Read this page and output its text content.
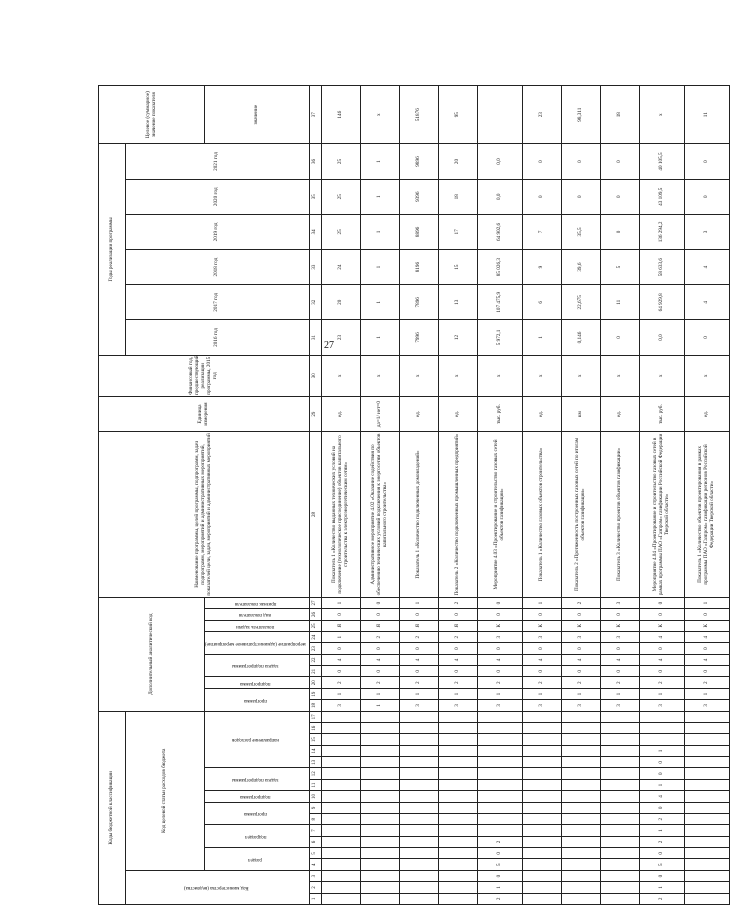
27
Коды бюджетной классификации																	Дополнительный аналитический код										Наименование программы, целей программы, подпрограмм, задач подпрограмм, мероприятий и административных мероприятий, показателей цели, задач, мероприятий и административных мероприятий	Единица измерения	Финансовый год, предшествующий реализации программы, 2015 год	Годы реализации программы						Целевое (суммарное) значение показателя
Код министерства (ведомства)			Код целевой статьи расходов бюджета																											2016 год	2017 год	2018 год	2019 год	2020 год	2021 год	
			раздел		подраздел		программа		подпрограмма	задача подпрограммы		направление расходов					программа		подпрограмма	задача подпрограммы		мероприятие (административное мероприятие)		показатель задачи	вид показателя	признак показателя										значение
1	2	3	4	5	6	7	8	9	10	11	12	13	14	15	16	17	18	19	20	21	22	23	24	25	26	27	28	29	30	31	32	33	34	35	36	37
																	3	1	2	0	4	0	1	Я	0	1	Показатель 1 «Количество выданных технических условий на подключение (технологическое присоединение) объектов капитального строительства к электроэнергетическим сетям»	ед.	х	23	20	24	25	25	25	146
																	1	1	2	0	4	0	2	Я	0	0	Административное мероприятие 4.02 «Оказание содействия по обеспечению технических условий подключения к энергосетям объектов капитального строительства»	да=1/ нет=0	х	1	1	1	1	1	1	х
																	3	1	2	0	4	0	2	Я	0	1	Показатель 1 «Количество подключенных домовладений»	ед.	х	7996	7896	8196	8896	9396	9896	51876
																	3	1	2	0	4	0	2	Я	0	2	Показатель 2 «Количество подключенных промышленных предприятий»	ед.	х	12	13	15	17	18	20	95
2	1	0	5	0	2												3	1	2	0	4	0	3	К	0	0	Мероприятие 4.03 «Проектирование и строительство газовых сетей объектов газификации»	тыс. руб.	х	5 972,1	107 475,9	85 026,3	64 902,6	0,0	0,0	
																	3	1	2	0	4	0	3	К	0	1	Показатель 1 «Количество газовых объектов строительства»	ед.	х	1	6	9	7	0	0	23
																	3	1	2	0	4	0	3	К	0	2	Показатель 2 «Протяженность построенных газовых сетей по итогам объектов газификации»	км	х	0,146	22,675	39,6	35,5	0	0	98,311
																	3	1	2	0	4	0	3	К	0	3	Показатель 3 «Количество проектов объектов газификации»	ед.	х	0	11	5	0	0	0	18
2	1	0	5	0	2	1	2	0	4	1	0	0	1				3	1	2	0	4	0	4	К	0	0	Мероприятие 4.04 «Проектирование и строительство газовых сетей в рамках программы ПАО «Газпром» газификации Российской Федерации Тверской области»	тыс. руб.	х	0,0	64 929,8	58 633,6	136 294,2	43 109,5	40 105,5	х
																	3	1	2	0	4	0	4	К	0	1	Показатель 1 «Количество объектов проектирования в рамках программы ПАО «Газпром» газификации регионов Российской Федерации Тверской области»	ед.	х	0	4	4	3	0	0	11
